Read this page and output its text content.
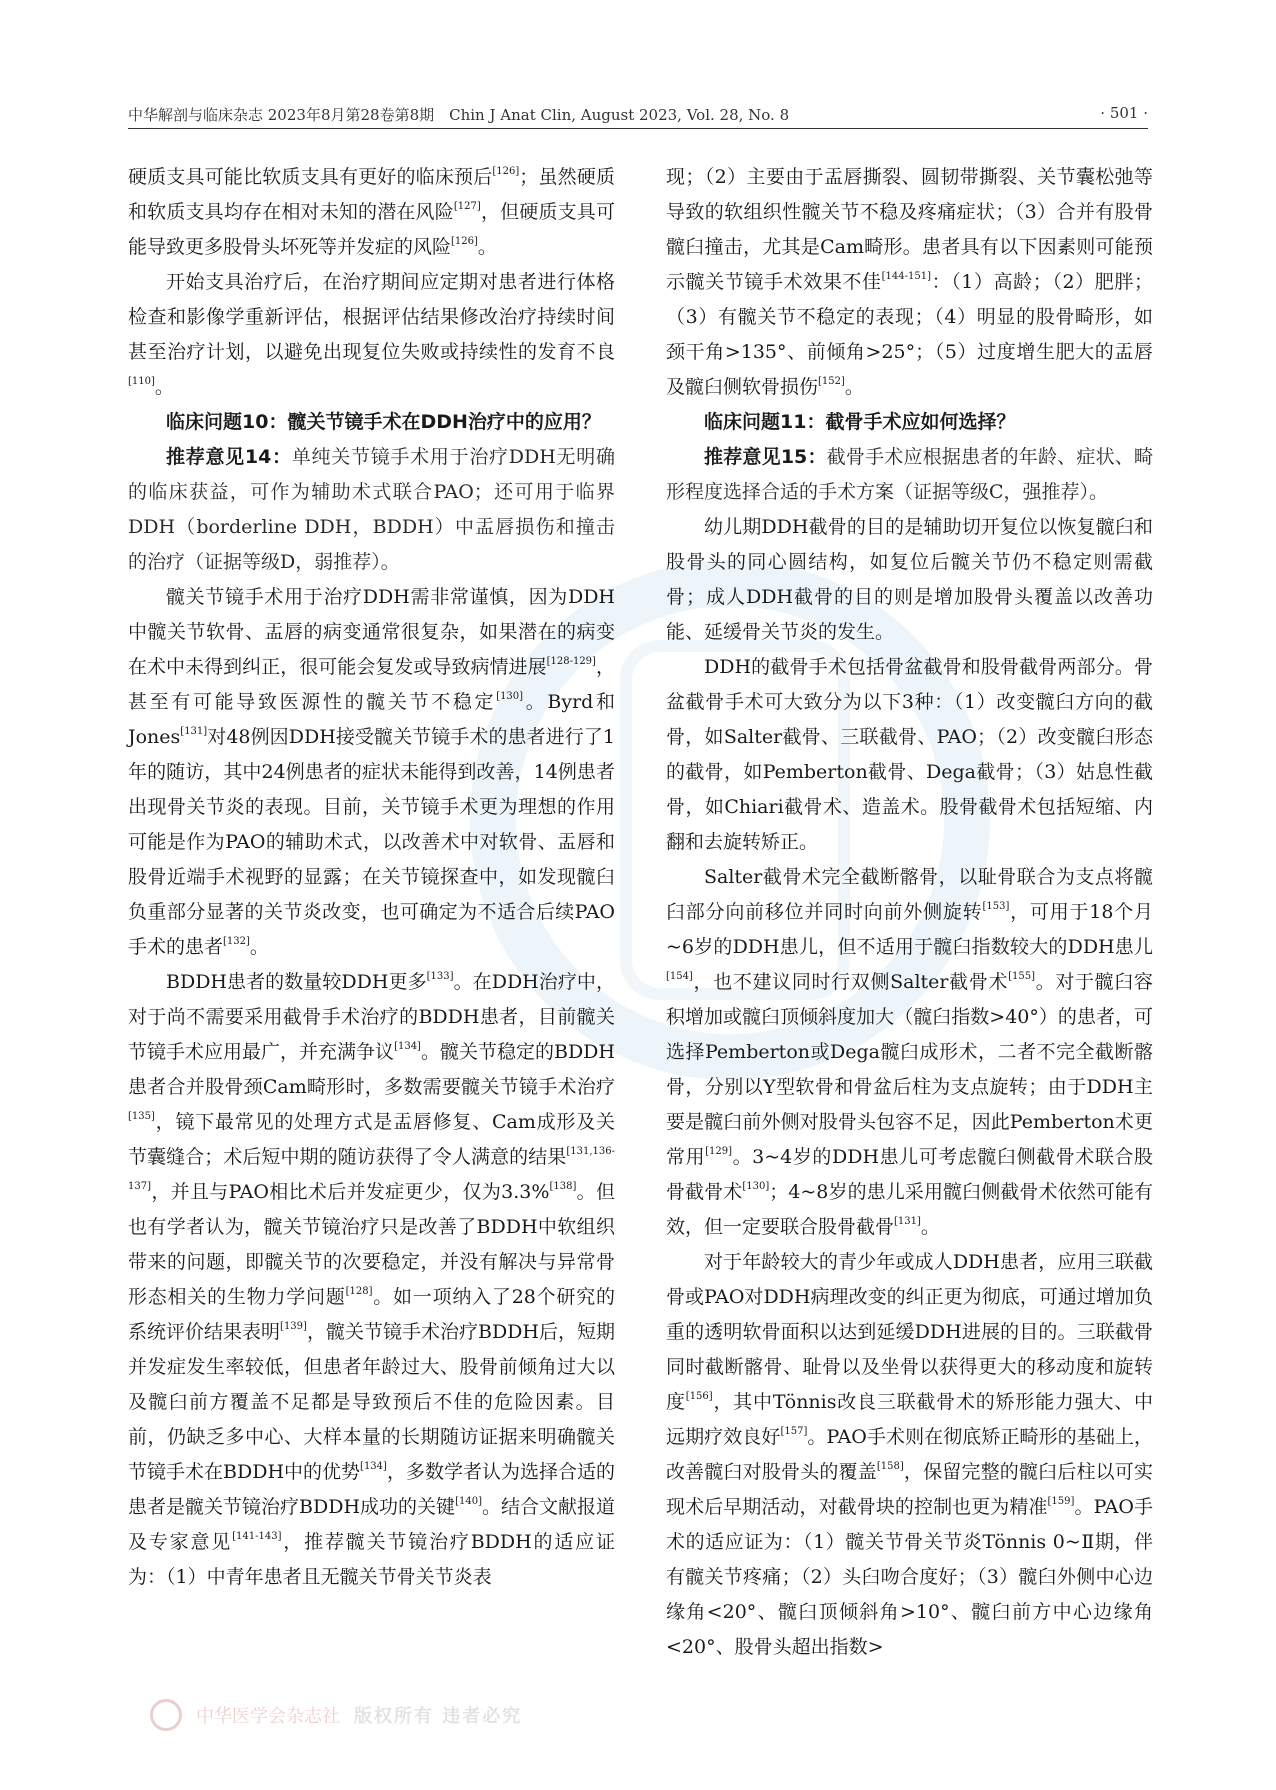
中华解剖与临床杂志 2023年8月第28卷第8期　Chin J Anat Clin, August 2023, Vol. 28, No. 8	· 501 ·

硬质支具可能比软质支具有更好的临床预后[126]；虽然硬质和软质支具均存在相对未知的潜在风险[127]，但硬质支具可能导致更多股骨头坏死等并发症的风险[126]。

开始支具治疗后，在治疗期间应定期对患者进行体格检查和影像学重新评估，根据评估结果修改治疗持续时间甚至治疗计划，以避免出现复位失败或持续性的发育不良[110]。

临床问题10：髋关节镜手术在DDH治疗中的应用？

推荐意见14：单纯关节镜手术用于治疗DDH无明确的临床获益，可作为辅助术式联合PAO；还可用于临界DDH（borderline DDH，BDDH）中盂唇损伤和撞击的治疗（证据等级D，弱推荐）。

髋关节镜手术用于治疗DDH需非常谨慎，因为DDH中髋关节软骨、盂唇的病变通常很复杂，如果潜在的病变在术中未得到纠正，很可能会复发或导致病情进展[128-129]，甚至有可能导致医源性的髋关节不稳定[130]。Byrd和Jones[131]对48例因DDH接受髋关节镜手术的患者进行了1年的随访，其中24例患者的症状未能得到改善，14例患者出现骨关节炎的表现。目前，关节镜手术更为理想的作用可能是作为PAO的辅助术式，以改善术中对软骨、盂唇和股骨近端手术视野的显露；在关节镜探查中，如发现髋臼负重部分显著的关节炎改变，也可确定为不适合后续PAO手术的患者[132]。

BDDH患者的数量较DDH更多[133]。在DDH治疗中，对于尚不需要采用截骨手术治疗的BDDH患者，目前髋关节镜手术应用最广，并充满争议[134]。髋关节稳定的BDDH患者合并股骨颈Cam畸形时，多数需要髋关节镜手术治疗[135]，镜下最常见的处理方式是盂唇修复、Cam成形及关节囊缝合；术后短中期的随访获得了令人满意的结果[131,136-137]，并且与PAO相比术后并发症更少，仅为3.3%[138]。但也有学者认为，髋关节镜治疗只是改善了BDDH中软组织带来的问题，即髋关节的次要稳定，并没有解决与异常骨形态相关的生物力学问题[128]。如一项纳入了28个研究的系统评价结果表明[139]，髋关节镜手术治疗BDDH后，短期并发症发生率较低，但患者年龄过大、股骨前倾角过大以及髋臼前方覆盖不足都是导致预后不佳的危险因素。目前，仍缺乏多中心、大样本量的长期随访证据来明确髋关节镜手术在BDDH中的优势[134]，多数学者认为选择合适的患者是髋关节镜治疗BDDH成功的关键[140]。结合文献报道及专家意见[141-143]，推荐髋关节镜治疗BDDH的适应证为：（1）中青年患者且无髋关节骨关节炎表

现；（2）主要由于盂唇撕裂、圆韧带撕裂、关节囊松弛等导致的软组织性髋关节不稳及疼痛症状；（3）合并有股骨髋臼撞击，尤其是Cam畸形。患者具有以下因素则可能预示髋关节镜手术效果不佳[144-151]：（1）高龄；（2）肥胖；（3）有髋关节不稳定的表现；（4）明显的股骨畸形，如颈干角>135°、前倾角>25°；（5）过度增生肥大的盂唇及髋臼侧软骨损伤[152]。

临床问题11：截骨手术应如何选择？

推荐意见15：截骨手术应根据患者的年龄、症状、畸形程度选择合适的手术方案（证据等级C，强推荐）。

幼儿期DDH截骨的目的是辅助切开复位以恢复髋臼和股骨头的同心圆结构，如复位后髋关节仍不稳定则需截骨；成人DDH截骨的目的则是增加股骨头覆盖以改善功能、延缓骨关节炎的发生。

DDH的截骨手术包括骨盆截骨和股骨截骨两部分。骨盆截骨手术可大致分为以下3种：（1）改变髋臼方向的截骨，如Salter截骨、三联截骨、PAO；（2）改变髋臼形态的截骨，如Pemberton截骨、Dega截骨；（3）姑息性截骨，如Chiari截骨术、造盖术。股骨截骨术包括短缩、内翻和去旋转矫正。

Salter截骨术完全截断髂骨，以耻骨联合为支点将髋臼部分向前移位并同时向前外侧旋转[153]，可用于18个月~6岁的DDH患儿，但不适用于髋臼指数较大的DDH患儿[154]，也不建议同时行双侧Salter截骨术[155]。对于髋臼容积增加或髋臼顶倾斜度加大（髋臼指数>40°）的患者，可选择Pemberton或Dega髋臼成形术，二者不完全截断髂骨，分别以Y型软骨和骨盆后柱为支点旋转；由于DDH主要是髋臼前外侧对股骨头包容不足，因此Pemberton术更常用[129]。3~4岁的DDH患儿可考虑髋臼侧截骨术联合股骨截骨术[130]；4~8岁的患儿采用髋臼侧截骨术依然可能有效，但一定要联合股骨截骨[131]。

对于年龄较大的青少年或成人DDH患者，应用三联截骨或PAO对DDH病理改变的纠正更为彻底，可通过增加负重的透明软骨面积以达到延缓DDH进展的目的。三联截骨同时截断髂骨、耻骨以及坐骨以获得更大的移动度和旋转度[156]，其中Tönnis改良三联截骨术的矫形能力强大、中远期疗效良好[157]。PAO手术则在彻底矫正畸形的基础上，改善髋臼对股骨头的覆盖[158]，保留完整的髋臼后柱以可实现术后早期活动，对截骨块的控制也更为精准[159]。PAO手术的适应证为：（1）髋关节骨关节炎Tönnis 0~Ⅱ期，伴有髋关节疼痛；（2）头臼吻合度好；（3）髋臼外侧中心边缘角<20°、髋臼顶倾斜角>10°、髋臼前方中心边缘角<20°、股骨头超出指数>

中华医学会杂志社 版权所有 违者必究
